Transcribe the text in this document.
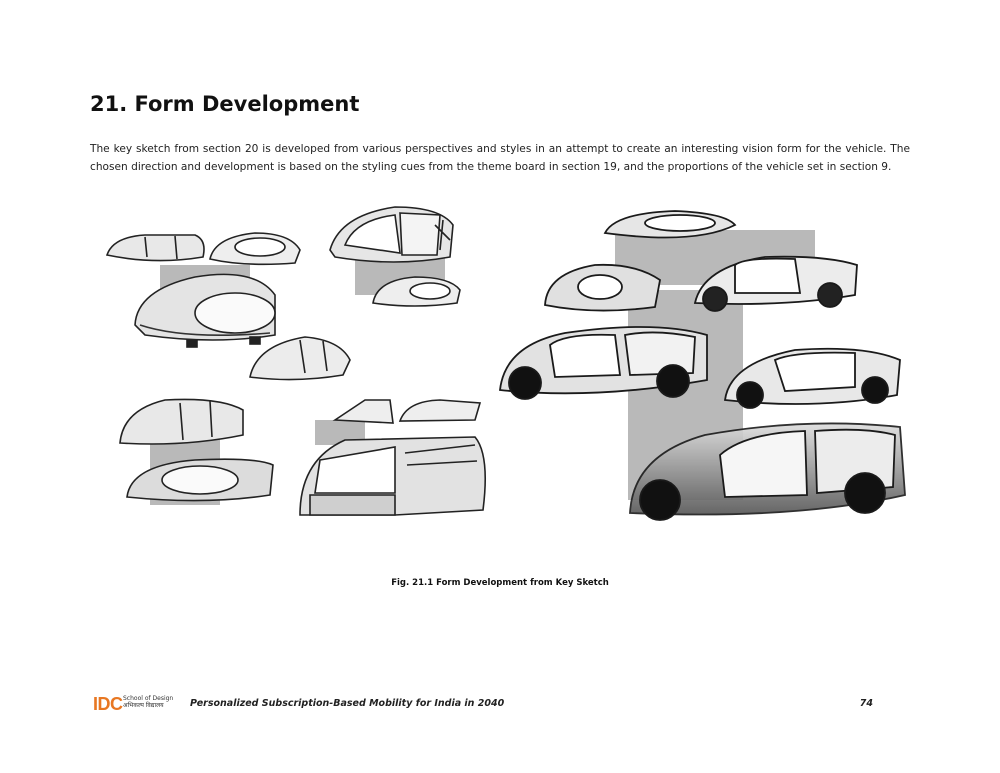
21. Form Development

The key sketch from section 20 is developed from various perspectives and styles in an attempt to create an interesting vision form for the vehicle. The chosen direction and development is based on the styling cues from the theme board in section 19, and the proportions of the vehicle set in section 9.

Fig. 21.1 Form Development from Key Sketch
IDC School of Design
अभिकल्प विद्यालय	Personalized Subscription-Based Mobility for India in 2040	74
